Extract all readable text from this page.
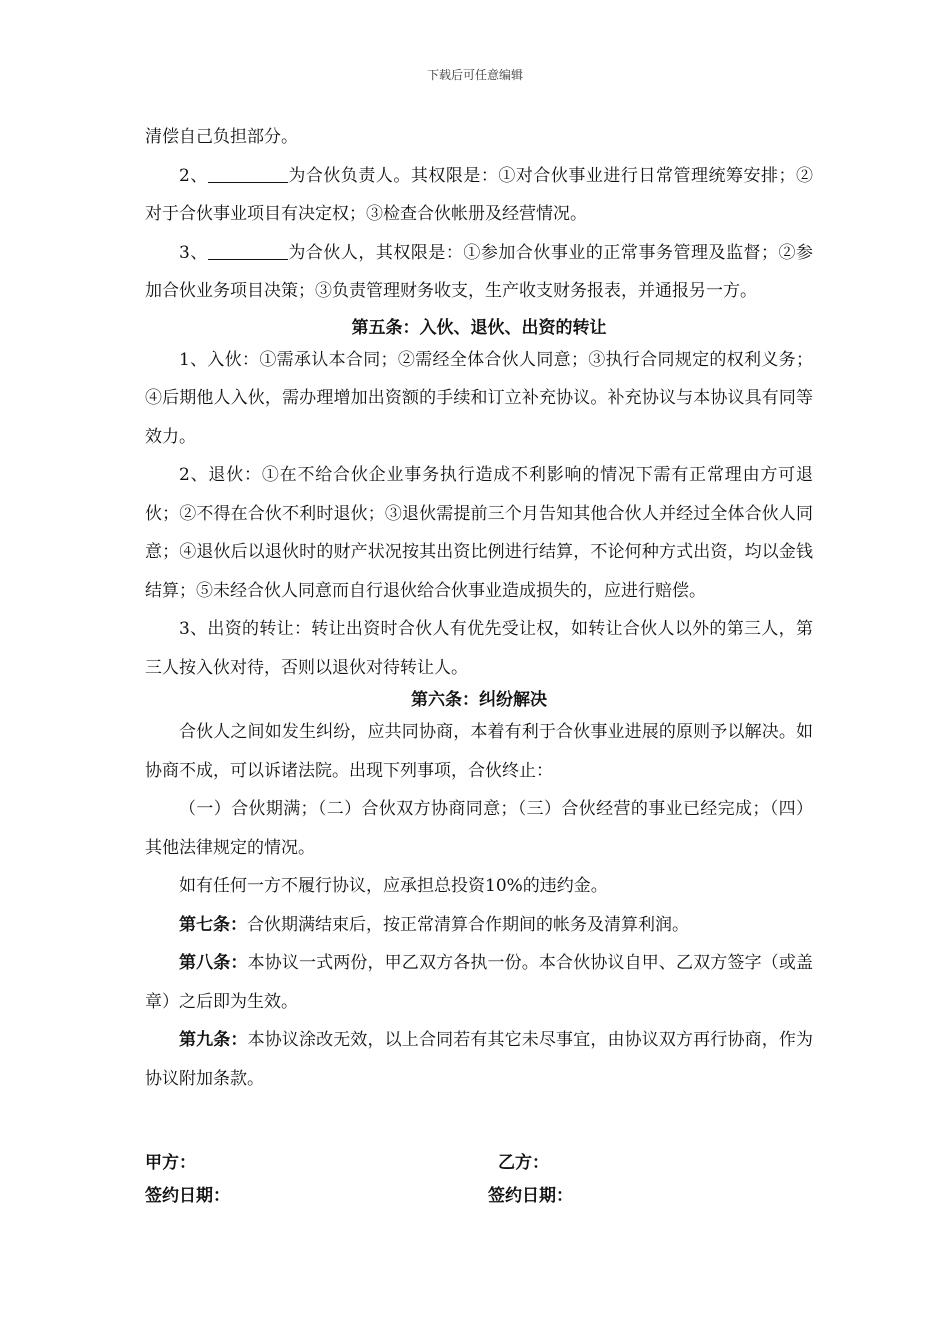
下载后可任意编辑

清偿自己负担部分。

2、	为合伙负责人。其权限是：①对合伙事业进行日常管理统筹安排；②对于合伙事业项目有决定权；③检查合伙帐册及经营情况。

3、	为合伙人，其权限是：①参加合伙事业的正常事务管理及监督；②参加合伙业务项目决策；③负责管理财务收支，生产收支财务报表，并通报另一方。

第五条：入伙、退伙、出资的转让

1、入伙：①需承认本合同；②需经全体合伙人同意；③执行合同规定的权利义务；④后期他人入伙，需办理增加出资额的手续和订立补充协议。补充协议与本协议具有同等效力。

2、退伙：①在不给合伙企业事务执行造成不利影响的情况下需有正常理由方可退伙；②不得在合伙不利时退伙；③退伙需提前三个月告知其他合伙人并经过全体合伙人同意；④退伙后以退伙时的财产状况按其出资比例进行结算，不论何种方式出资，均以金钱结算；⑤未经合伙人同意而自行退伙给合伙事业造成损失的，应进行赔偿。

3、出资的转让：转让出资时合伙人有优先受让权，如转让合伙人以外的第三人，第三人按入伙对待，否则以退伙对待转让人。

第六条：纠纷解决

合伙人之间如发生纠纷，应共同协商，本着有利于合伙事业进展的原则予以解决。如协商不成，可以诉诸法院。出现下列事项，合伙终止：

（一）合伙期满；（二）合伙双方协商同意；（三）合伙经营的事业已经完成；（四）其他法律规定的情况。

如有任何一方不履行协议，应承担总投资10%的违约金。

第七条：合伙期满结束后，按正常清算合作期间的帐务及清算利润。

第八条：本协议一式两份，甲乙双方各执一份。本合伙协议自甲、乙双方签字（或盖章）之后即为生效。

第九条：本协议涂改无效，以上合同若有其它未尽事宜，由协议双方再行协商，作为协议附加条款。

甲方：	乙方：
签约日期：	签约日期：
